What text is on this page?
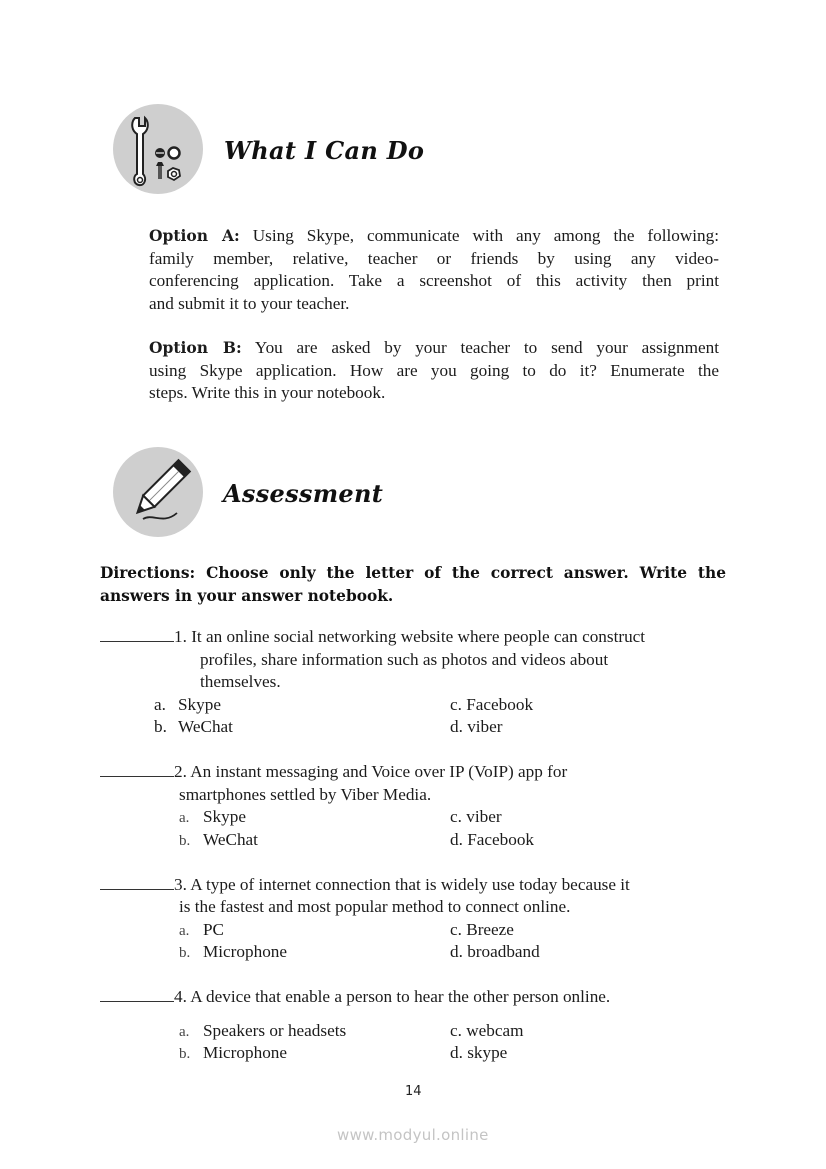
What I Can Do
Option A: Using Skype, communicate with any among the following:
family member, relative, teacher or friends by using any video-
conferencing application. Take a screenshot of this activity then print
and submit it to your teacher.
Option B: You are asked by your teacher to send your assignment
using Skype application. How are you going to do it? Enumerate the
steps. Write this in your notebook.
Assessment
Directions: Choose only the letter of the correct answer. Write the
answers in your answer notebook.
1. It an online social networking website where people can construct
profiles, share information such as photos and videos about
themselves.
a. Skype
b. WeChat
c. Facebook
d. viber
2. An instant messaging and Voice over IP (VoIP) app for
smartphones settled by Viber Media.
a. Skype
b. WeChat
c. viber
d. Facebook
3. A type of internet connection that is widely use today because it
is the fastest and most popular method to connect online.
a. PC
b. Microphone
c. Breeze
d. broadband
4. A device that enable a person to hear the other person online.
a. Speakers or headsets
b. Microphone
c. webcam
d. skype
14
www.modyul.online
